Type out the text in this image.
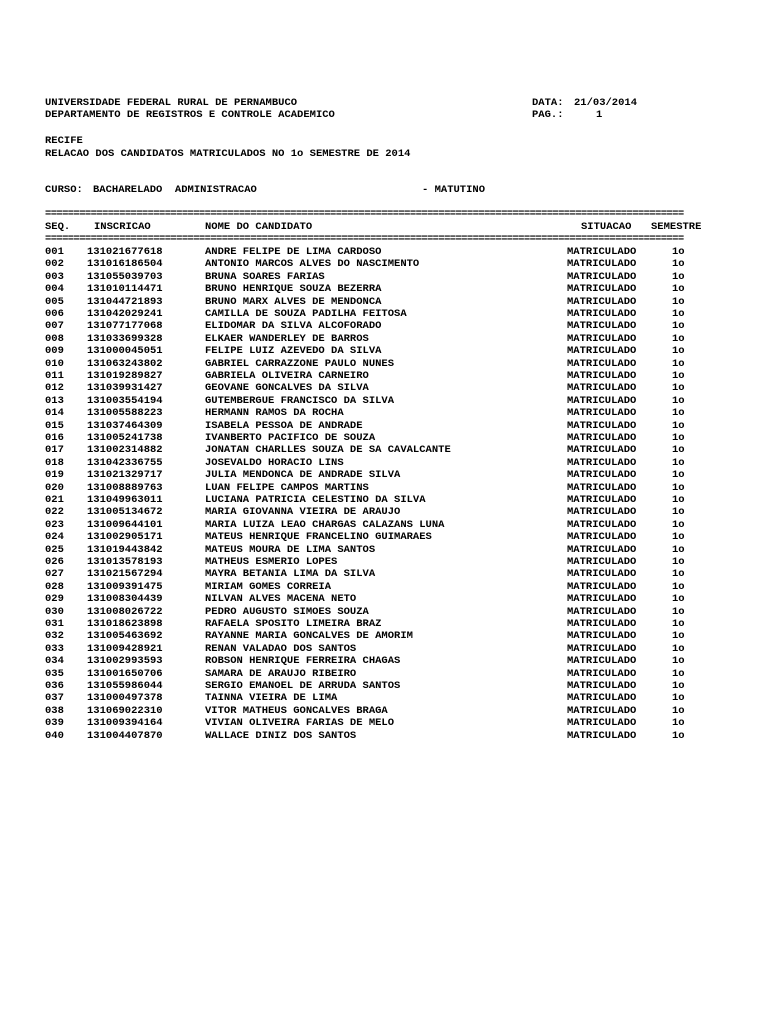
UNIVERSIDADE FEDERAL RURAL DE PERNAMBUCO
DEPARTAMENTO DE REGISTROS E CONTROLE ACADEMICO
DATA: 21/03/2014
PAG.:	1
RECIFE
RELACAO DOS CANDIDATOS MATRICULADOS NO 1o SEMESTRE DE 2014
CURSO: BACHARELADO  ADMINISTRACAO	- MATUTINO
================================================================================================================
SEQ. INSCRICAO	NOME DO CANDIDATO	SITUACAO SEMESTRE
================================================================================================================
001 131021677618	ANDRE FELIPE DE LIMA CARDOSO	MATRICULADO	1o
002 131016186504	ANTONIO MARCOS ALVES DO NASCIMENTO	MATRICULADO	1o
003 131055039703	BRUNA SOARES FARIAS	MATRICULADO	1o
004 131010114471	BRUNO HENRIQUE SOUZA BEZERRA	MATRICULADO	1o
005 131044721893	BRUNO MARX ALVES DE MENDONCA	MATRICULADO	1o
006 131042029241	CAMILLA DE SOUZA PADILHA FEITOSA	MATRICULADO	1o
007 131077177068	ELIDOMAR DA SILVA ALCOFORADO	MATRICULADO	1o
008 131033699328	ELKAER WANDERLEY DE BARROS	MATRICULADO	1o
009 131000045051	FELIPE LUIZ AZEVEDO DA SILVA	MATRICULADO	1o
010 131063243802	GABRIEL CARRAZZONE PAULO NUNES	MATRICULADO	1o
011 131019289827	GABRIELA OLIVEIRA CARNEIRO	MATRICULADO	1o
012 131039931427	GEOVANE GONCALVES DA SILVA	MATRICULADO	1o
013 131003554194	GUTEMBERGUE FRANCISCO DA SILVA	MATRICULADO	1o
014 131005588223	HERMANN RAMOS DA ROCHA	MATRICULADO	1o
015 131037464309	ISABELA PESSOA DE ANDRADE	MATRICULADO	1o
016 131005241738	IVANBERTO PACIFICO DE SOUZA	MATRICULADO	1o
017 131002314882	JONATAN CHARLLES SOUZA DE SA CAVALCANTE	MATRICULADO	1o
018 131042336755	JOSEVALDO HORACIO LINS	MATRICULADO	1o
019 131021329717	JULIA MENDONCA DE ANDRADE SILVA	MATRICULADO	1o
020 131008889763	LUAN FELIPE CAMPOS MARTINS	MATRICULADO	1o
021 131049963011	LUCIANA PATRICIA CELESTINO DA SILVA	MATRICULADO	1o
022 131005134672	MARIA GIOVANNA VIEIRA DE ARAUJO	MATRICULADO	1o
023 131009644101	MARIA LUIZA LEAO CHARGAS CALAZANS LUNA	MATRICULADO	1o
024 131002905171	MATEUS HENRIQUE FRANCELINO GUIMARAES	MATRICULADO	1o
025 131019443842	MATEUS MOURA DE LIMA SANTOS	MATRICULADO	1o
026 131013578193	MATHEUS ESMERIO LOPES	MATRICULADO	1o
027 131021567294	MAYRA BETANIA LIMA DA SILVA	MATRICULADO	1o
028 131009391475	MIRIAM GOMES CORREIA	MATRICULADO	1o
029 131008304439	NILVAN ALVES MACENA NETO	MATRICULADO	1o
030 131008026722	PEDRO AUGUSTO SIMOES SOUZA	MATRICULADO	1o
031 131018623898	RAFAELA SPOSITO LIMEIRA BRAZ	MATRICULADO	1o
032 131005463692	RAYANNE MARIA GONCALVES DE AMORIM	MATRICULADO	1o
033 131009428921	RENAN VALADAO DOS SANTOS	MATRICULADO	1o
034 131002993593	ROBSON HENRIQUE FERREIRA CHAGAS	MATRICULADO	1o
035 131001650706	SAMARA DE ARAUJO RIBEIRO	MATRICULADO	1o
036 131055986044	SERGIO EMANOEL DE ARRUDA SANTOS	MATRICULADO	1o
037 131000497378	TAINNA VIEIRA DE LIMA	MATRICULADO	1o
038 131069022310	VITOR MATHEUS GONCALVES BRAGA	MATRICULADO	1o
039 131009394164	VIVIAN OLIVEIRA FARIAS DE MELO	MATRICULADO	1o
040 131004407870	WALLACE DINIZ DOS SANTOS	MATRICULADO	1o
